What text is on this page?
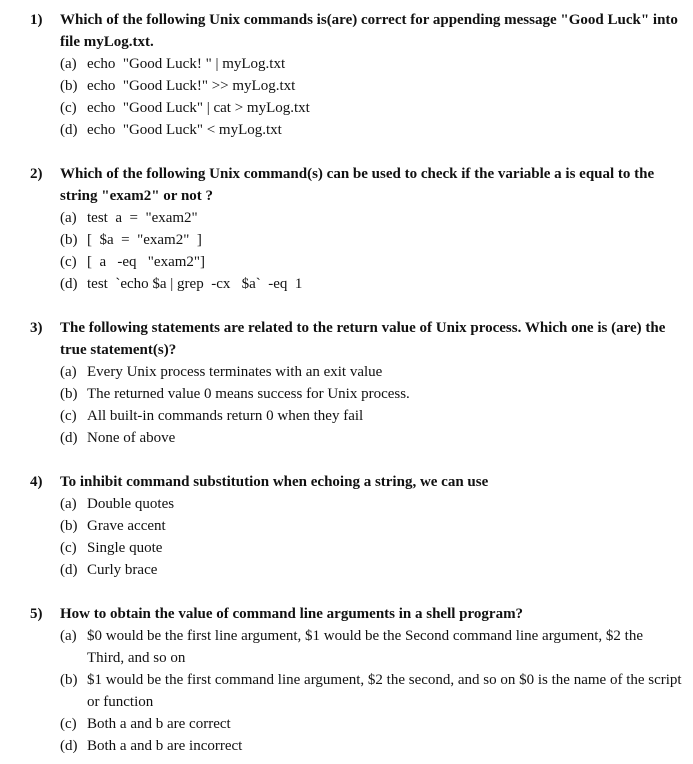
1) Which of the following Unix commands is(are) correct for appending message "Good Luck" into file myLog.txt.
(a) echo  "Good Luck! " | myLog.txt
(b) echo  "Good Luck!" >> myLog.txt
(c) echo  "Good Luck" | cat > myLog.txt
(d) echo  "Good Luck" < myLog.txt
2) Which of the following Unix command(s) can be used to check if the variable a is equal to the string "exam2" or not ?
(a) test  a  =  "exam2"
(b) [  $a  =  "exam2"  ]
(c) [  a   -eq   "exam2"]
(d) test  `echo $a | grep  -cx   $a`  -eq  1
3) The following statements are related to the return value of Unix process. Which one is (are) the true statement(s)?
(a) Every Unix process terminates with an exit value
(b) The returned value 0 means success for Unix process.
(c) All built-in commands return 0 when they fail
(d) None of above
4) To inhibit command substitution when echoing a string, we can use
(a) Double quotes
(b) Grave accent
(c) Single quote
(d) Curly brace
5) How to obtain the value of command line arguments in a shell program?
(a) $0 would be the first line argument, $1 would be the Second command line argument, $2 the Third, and so on
(b) $1 would be the first command line argument, $2 the second, and so on $0 is the name of the script or function
(c) Both a and b are correct
(d) Both a and b are incorrect
